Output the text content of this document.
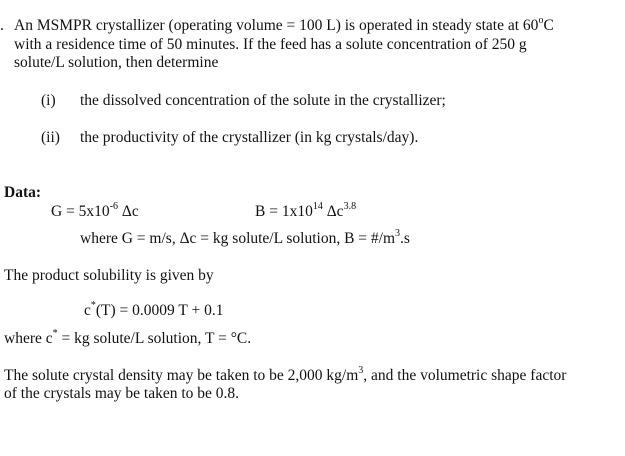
. An MSMPR crystallizer (operating volume = 100 L) is operated in steady state at 60$^o$C
with a residence time of 50 minutes. If the feed has a solute concentration of 250 g
solute/L solution, then determine
(i) the dissolved concentration of the solute in the crystallizer;
(ii) the productivity of the crystallizer (in kg crystals/day).
Data:
$G = 5x10^{-6}$ Δc	$B = 1x10^{14}$ $\Delta c^{3.8}$
where G = m/s, Δc = kg solute/L solution, $B = \#/m^3.s$
The product solubility is given by
c*(T) = 0.0009 T + 0.1
where c* = kg solute/L solution, T = °C.
The solute crystal density may be taken to be 2,000 $kg/m^3$, and the volumetric shape factor
of the crystals may be taken to be 0.8.
